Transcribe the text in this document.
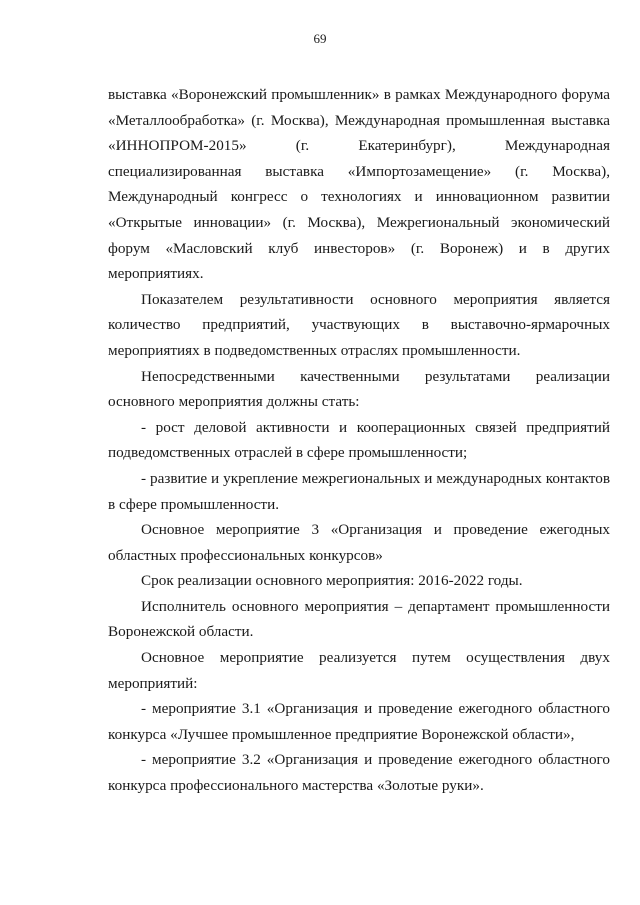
69

выставка «Воронежский промышленник» в рамках Международного форума «Металлообработка» (г. Москва), Международная промышленная выставка «ИННОПРОМ-2015» (г. Екатеринбург), Международная специализированная выставка «Импортозамещение» (г. Москва), Международный конгресс о технологиях и инновационном развитии «Открытые инновации» (г. Москва), Межрегиональный экономический форум «Масловский клуб инвесторов» (г. Воронеж) и в других мероприятиях.

Показателем результативности основного мероприятия является количество предприятий, участвующих в выставочно-ярмарочных мероприятиях в подведомственных отраслях промышленности.

Непосредственными качественными результатами реализации основного мероприятия должны стать:

- рост деловой активности и кооперационных связей предприятий подведомственных отраслей в сфере промышленности;

- развитие и укрепление межрегиональных и международных контактов в сфере промышленности.

Основное мероприятие 3 «Организация и проведение ежегодных областных профессиональных конкурсов»

Срок реализации основного мероприятия: 2016-2022 годы.

Исполнитель основного мероприятия – департамент промышленности Воронежской области.

Основное мероприятие реализуется путем осуществления двух мероприятий:

- мероприятие 3.1 «Организация и проведение ежегодного областного конкурса «Лучшее промышленное предприятие Воронежской области»,

- мероприятие 3.2 «Организация и проведение ежегодного областного конкурса профессионального мастерства «Золотые руки».
